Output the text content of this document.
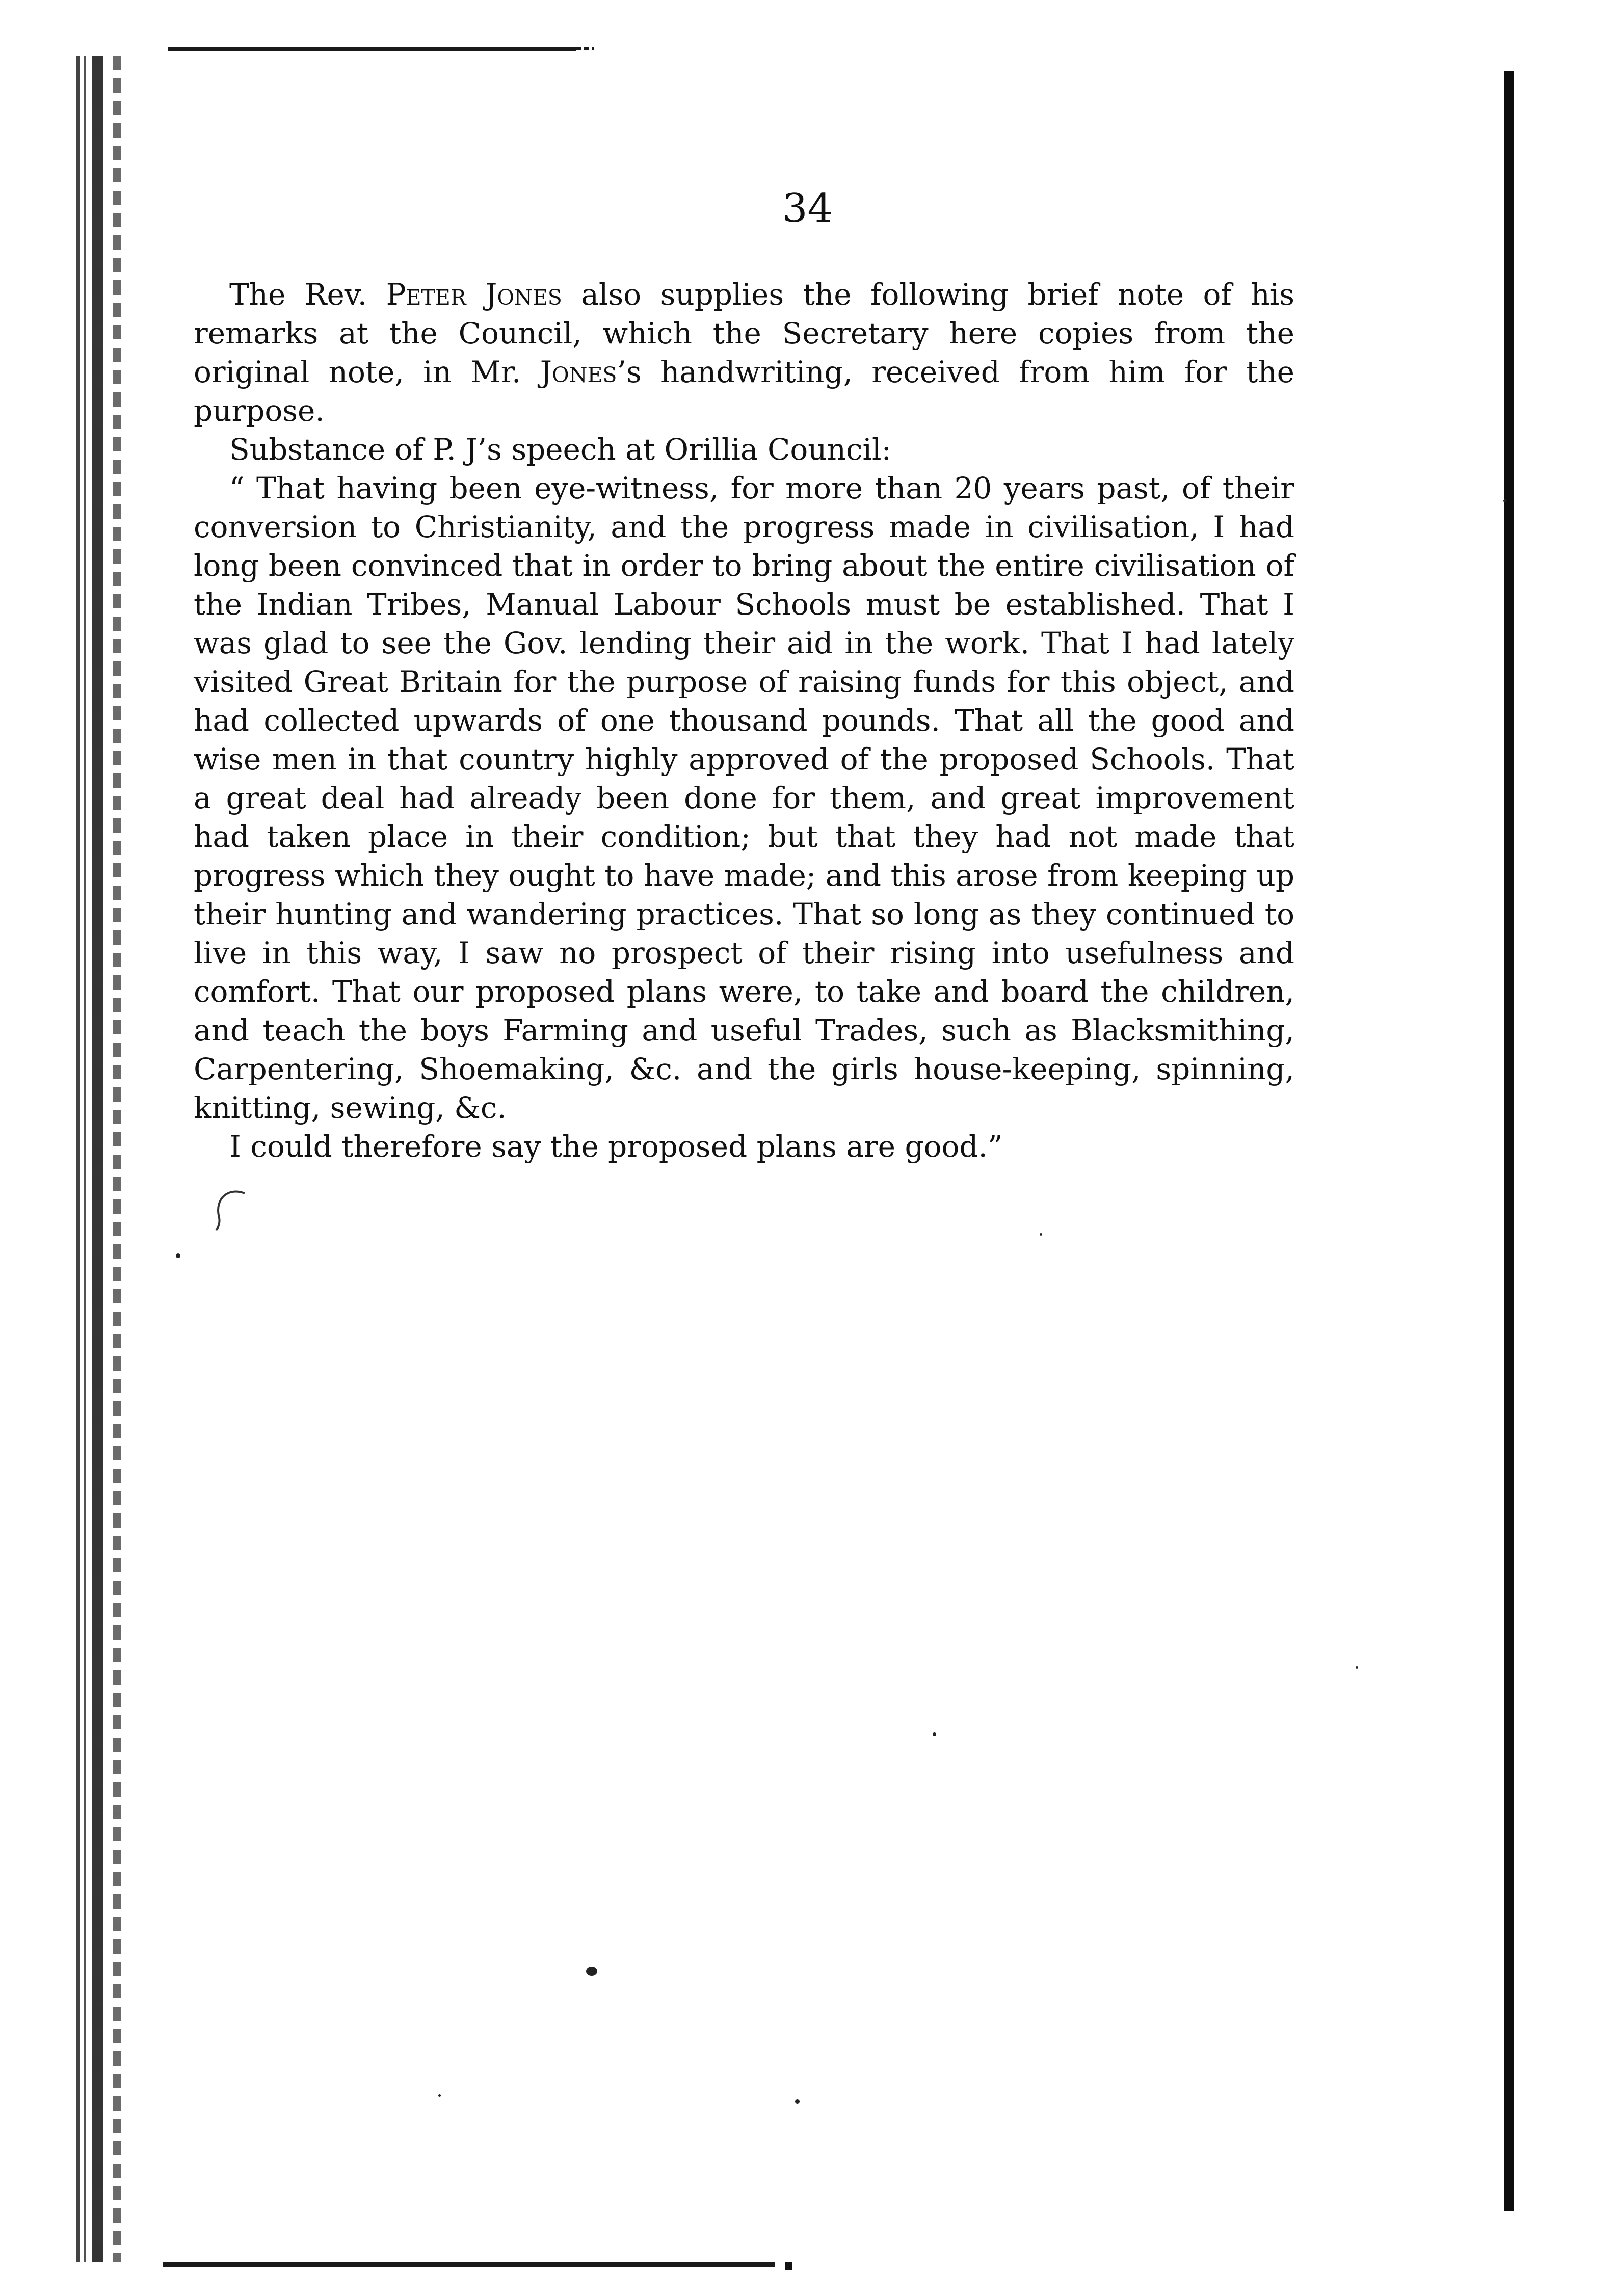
34

The Rev. Peter Jones also supplies the following brief note of his remarks at the Council, which the Secretary here copies from the original note, in Mr. Jones’s handwriting, received from him for the purpose.

Substance of P. J’s speech at Orillia Council:

“ That having been eye-witness, for more than 20 years past, of their conversion to Christianity, and the progress made in civilisation, I had long been convinced that in order to bring about the entire civilisation of the Indian Tribes, Manual Labour Schools must be established. That I was glad to see the Gov. lending their aid in the work. That I had lately visited Great Britain for the purpose of raising funds for this object, and had collected upwards of one thousand pounds. That all the good and wise men in that country highly approved of the proposed Schools. That a great deal had already been done for them, and great improvement had taken place in their condition; but that they had not made that progress which they ought to have made; and this arose from keeping up their hunting and wandering practices. That so long as they continued to live in this way, I saw no prospect of their rising into usefulness and comfort. That our proposed plans were, to take and board the children, and teach the boys Farming and useful Trades, such as Blacksmithing, Carpentering, Shoemaking, &c. and the girls house-keeping, spinning, knitting, sewing, &c.

I could therefore say the proposed plans are good.”
